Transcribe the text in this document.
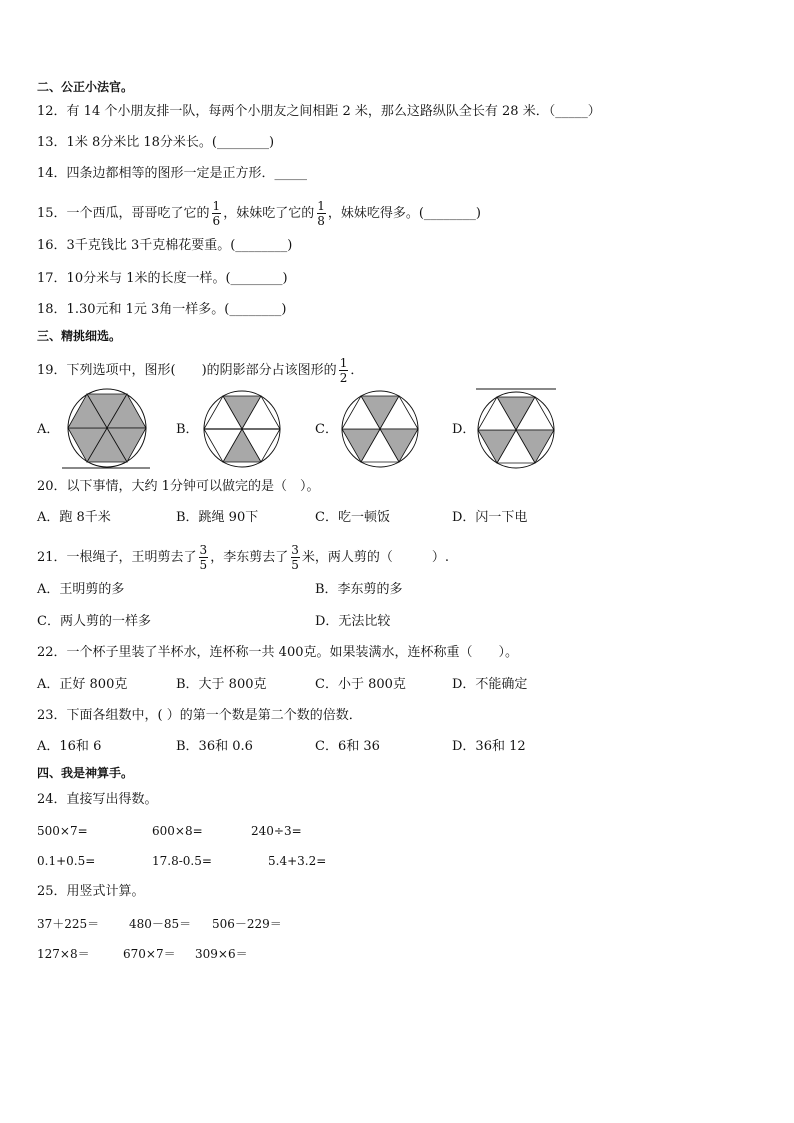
二、公正小法官。
12．有 14 个小朋友排一队，每两个小朋友之间相距 2 米，那么这路纵队全长有 28 米．（_____）
13．1米 8分米比 18分米长。(________)
14．四条边都相等的图形一定是正方形．_____
15．一个西瓜，哥哥吃了它的 $\frac{1}{6}$ ，妹妹吃了它的 $\frac{1}{8}$ ，妹妹吃得多。(________)
16．3千克钱比 3千克棉花要重。(________)
17．10分米与 1米的长度一样。(________)
18．1.30元和 1元 3角一样多。(________)
三、精挑细选。
19．下列选项中，图形(　　)的阴影部分占该图形的 $\frac{1}{2}$ ．
A．	B．	C．	D．
20．以下事情，大约 1分钟可以做完的是（　）。
A．跑 8千米	B．跳绳 90下	C．吃一顿饭	D．闪一下电
21．一根绳子，王明剪去了 $\frac{3}{5}$ ，李东剪去了 $\frac{3}{5}$ 米，两人剪的（　　　）.
A．王明剪的多	B．李东剪的多
C．两人剪的一样多	D．无法比较
22．一个杯子里装了半杯水，连杯称一共 400克。如果装满水，连杯称重（　　）。
A．正好 800克	B．大于 800克	C．小于 800克	D．不能确定
23．下面各组数中，( ）的第一个数是第二个数的倍数．
A．16和 6	B．36和 0.6	C．6和 36	D．36和 12
四、我是神算手。
24．直接写出得数。
500×7=	600×8=	240÷3=
0.1+0.5=	17.8-0.5=	5.4+3.2=
25．用竖式计算。
37＋225＝ 480－85＝ 506－229＝
127×8＝	670×7＝ 309×6＝
